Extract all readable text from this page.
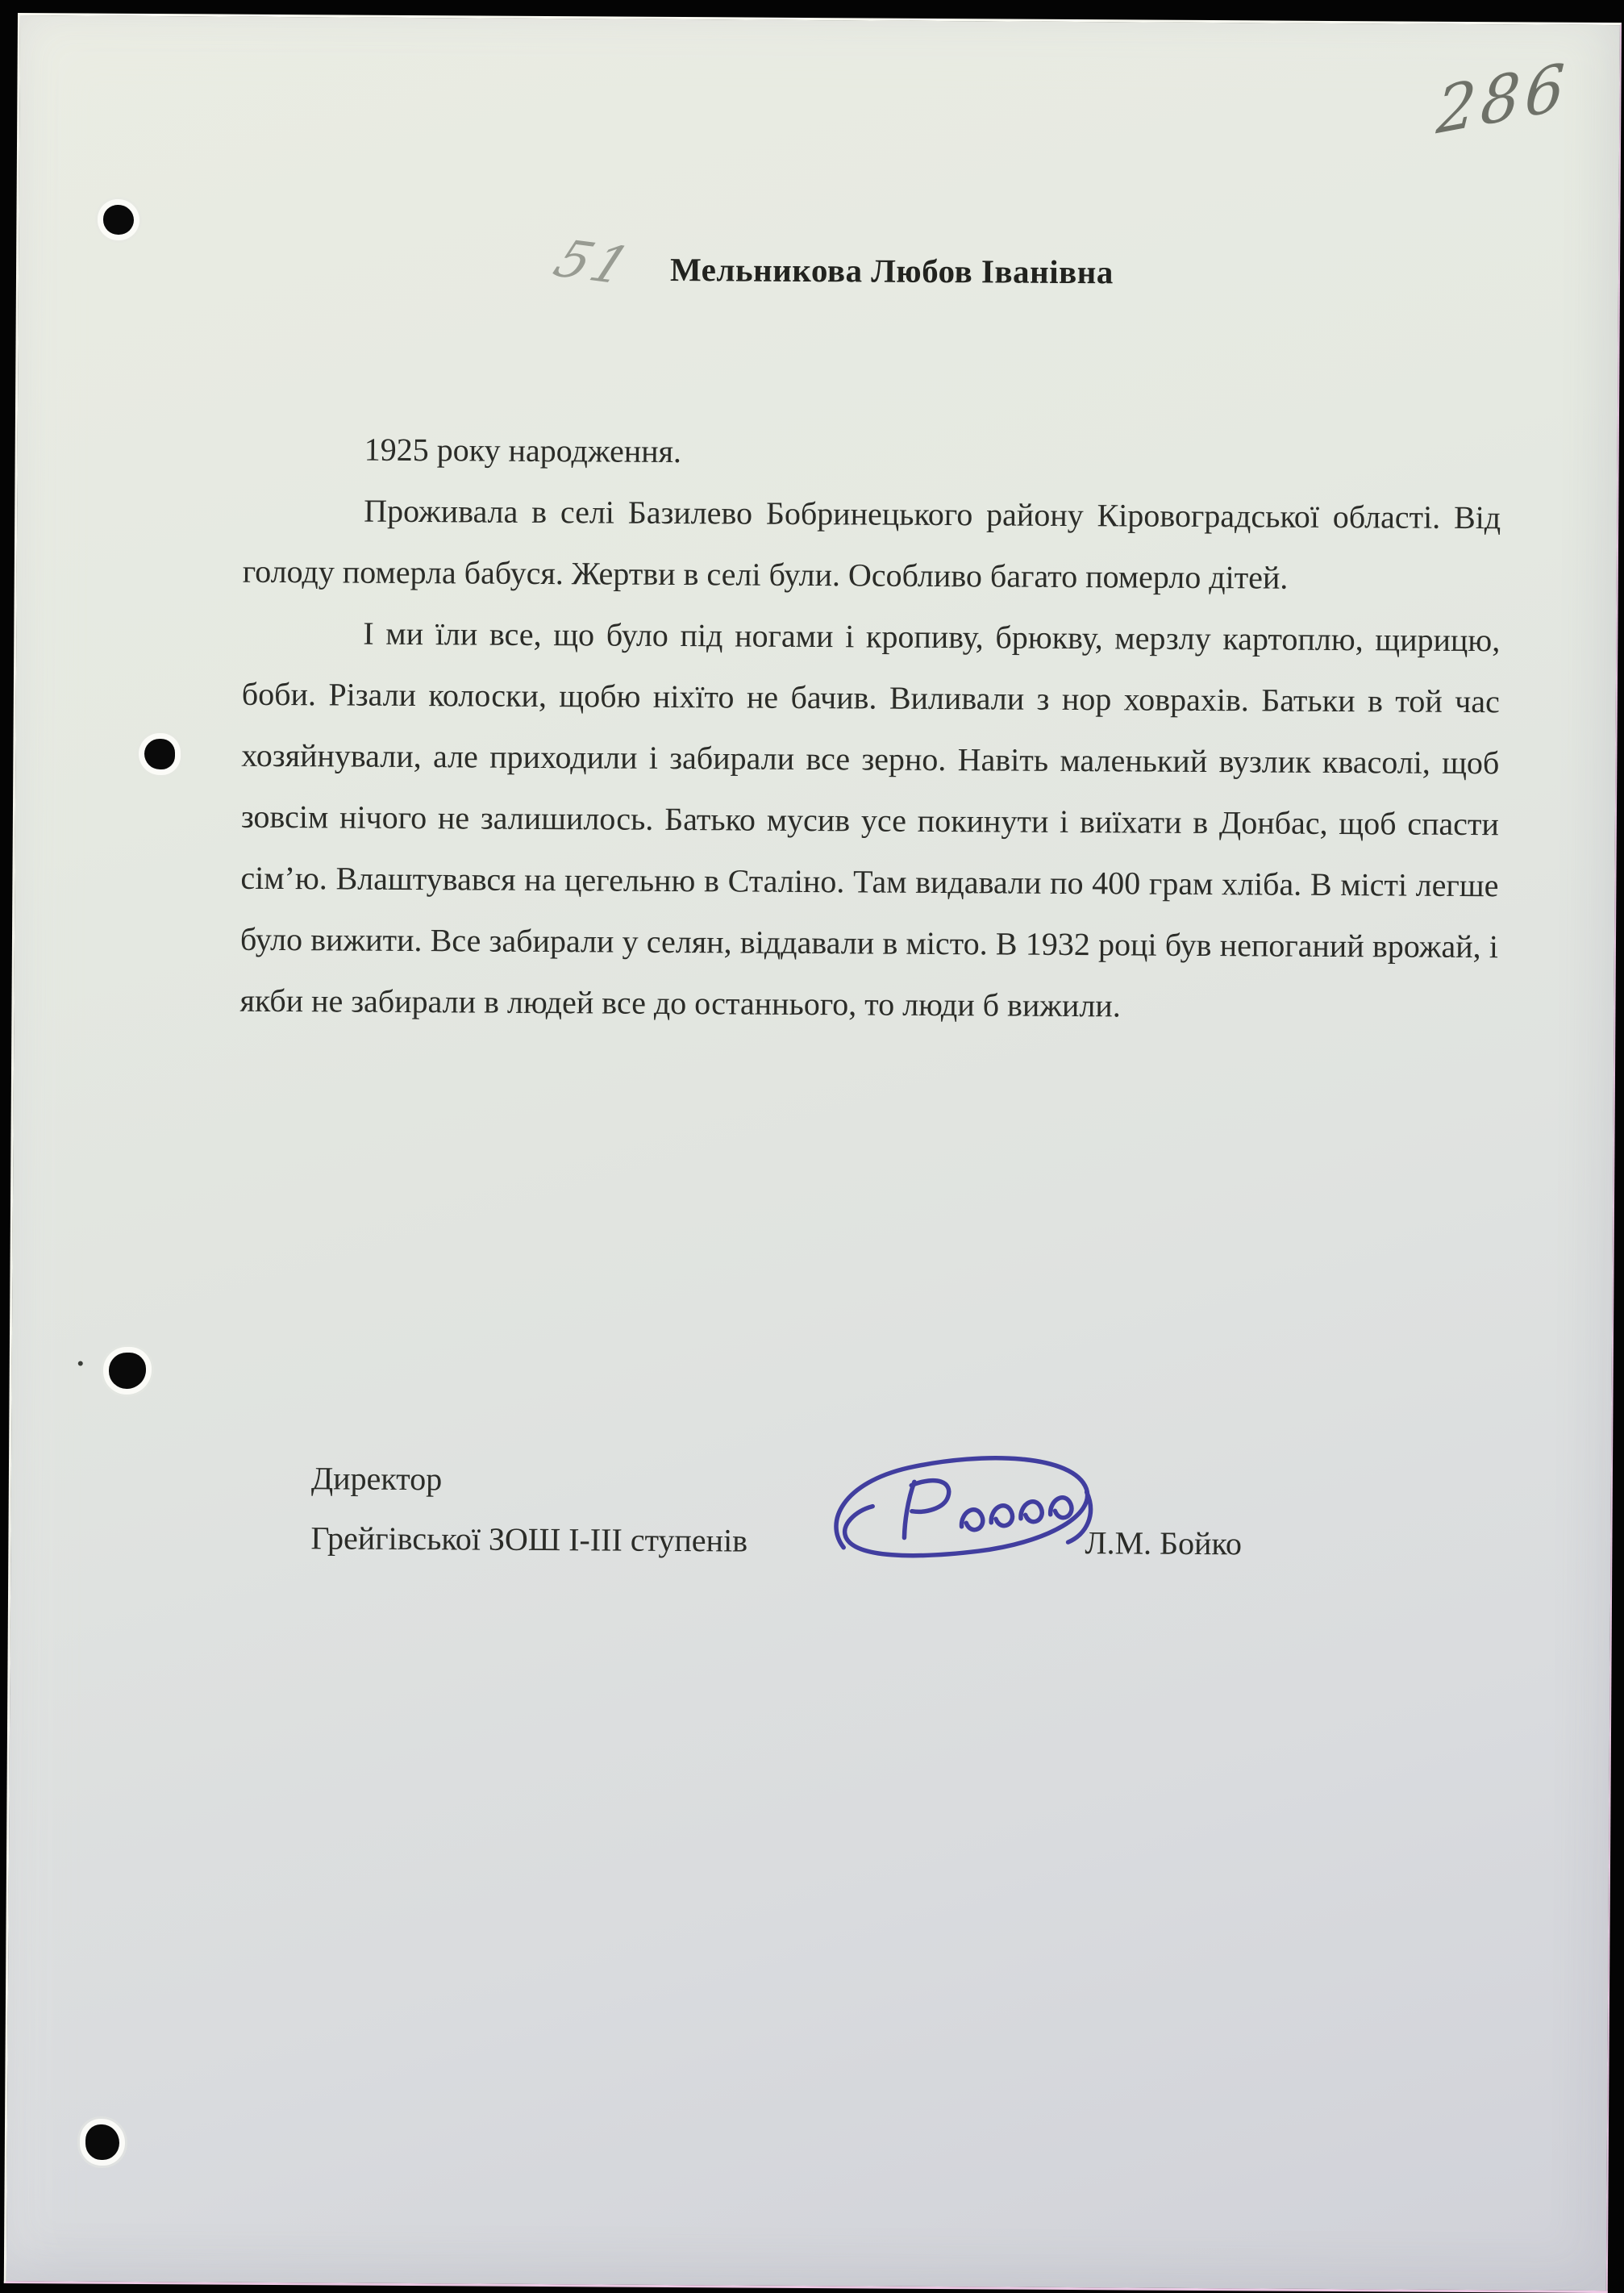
286
51 Мельникова Любов Іванівна

1925 року народження.

Проживала в селі Базилево Бобринецького району Кіровоградської області. Від голоду померла бабуся. Жертви в селі були. Особливо багато померло дітей.

І ми їли все, що було під ногами і кропиву, брюкву, мерзлу картоплю, щирицю, боби. Різали колоски, щобю ніхїто не бачив. Виливали з нор ховрахів. Батьки в той час хозяйнували, але приходили і забирали все зерно. Навіть маленький вузлик квасолі, щоб зовсім нічого не залишилось. Батько мусив усе покинути і виїхати в Донбас, щоб спасти сім’ю. Влаштувався на цегельню в Сталіно. Там видавали по 400 грам хліба. В місті легше було вижити. Все забирали у селян, віддавали в місто. В 1932 році був непоганий врожай, і якби не забирали в людей все до останнього, то люди б вижили.

Директор
Грейгівської ЗОШ І-ІІІ ступенів	Л.М. Бойко
